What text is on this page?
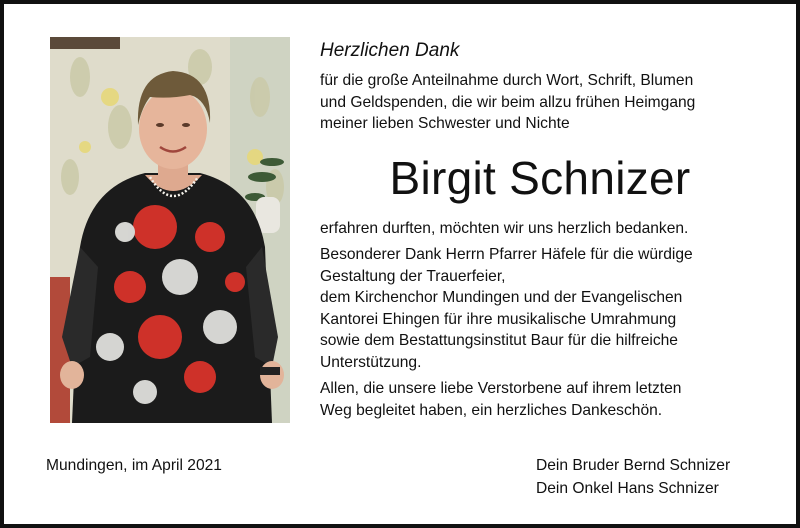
Herzlichen Dank

für die große Anteilnahme durch Wort, Schrift, Blumen
und Geldspenden, die wir beim allzu frühen Heimgang
meiner lieben Schwester und Nichte

Birgit Schnizer

erfahren durften, möchten wir uns herzlich bedanken.

Besonderer Dank Herrn Pfarrer Häfele für die würdige
Gestaltung der Trauerfeier,
dem Kirchenchor Mundingen und der Evangelischen
Kantorei Ehingen für ihre musikalische Umrahmung
sowie dem Bestattungsinstitut Baur für die hilfreiche
Unterstützung.

Allen, die unsere liebe Verstorbene auf ihrem letzten
Weg begleitet haben, ein herzliches Dankeschön.

Mundingen, im April 2021	Dein Bruder Bernd Schnizer
Dein Onkel Hans Schnizer
